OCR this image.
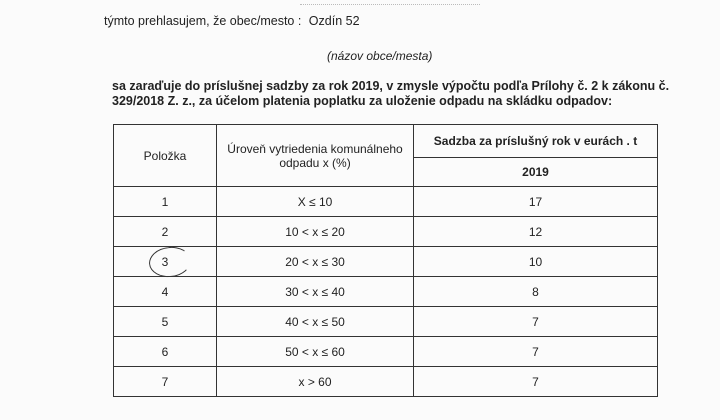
týmto prehlasujem, že obec/mesto : Ozdín 52
(názov obce/mesta)
sa zaraďuje do príslušnej sadzby za rok 2019, v zmysle výpočtu podľa Prílohy č. 2 k zákonu č. 329/2018 Z. z., za účelom platenia poplatku za uloženie odpadu na skládku odpadov:
Položka	Úroveň vytriedenia komunálneho odpadu x (%)	Sadzba za príslušný rok v eurách . t
		2019
1	X ≤ 10	17
2	10 < x ≤ 20	12

3	20 < x ≤ 30	10
4	30 < x ≤ 40	8
5	40 < x ≤ 50	7
6	50 < x ≤ 60	7
7	x > 60	7
